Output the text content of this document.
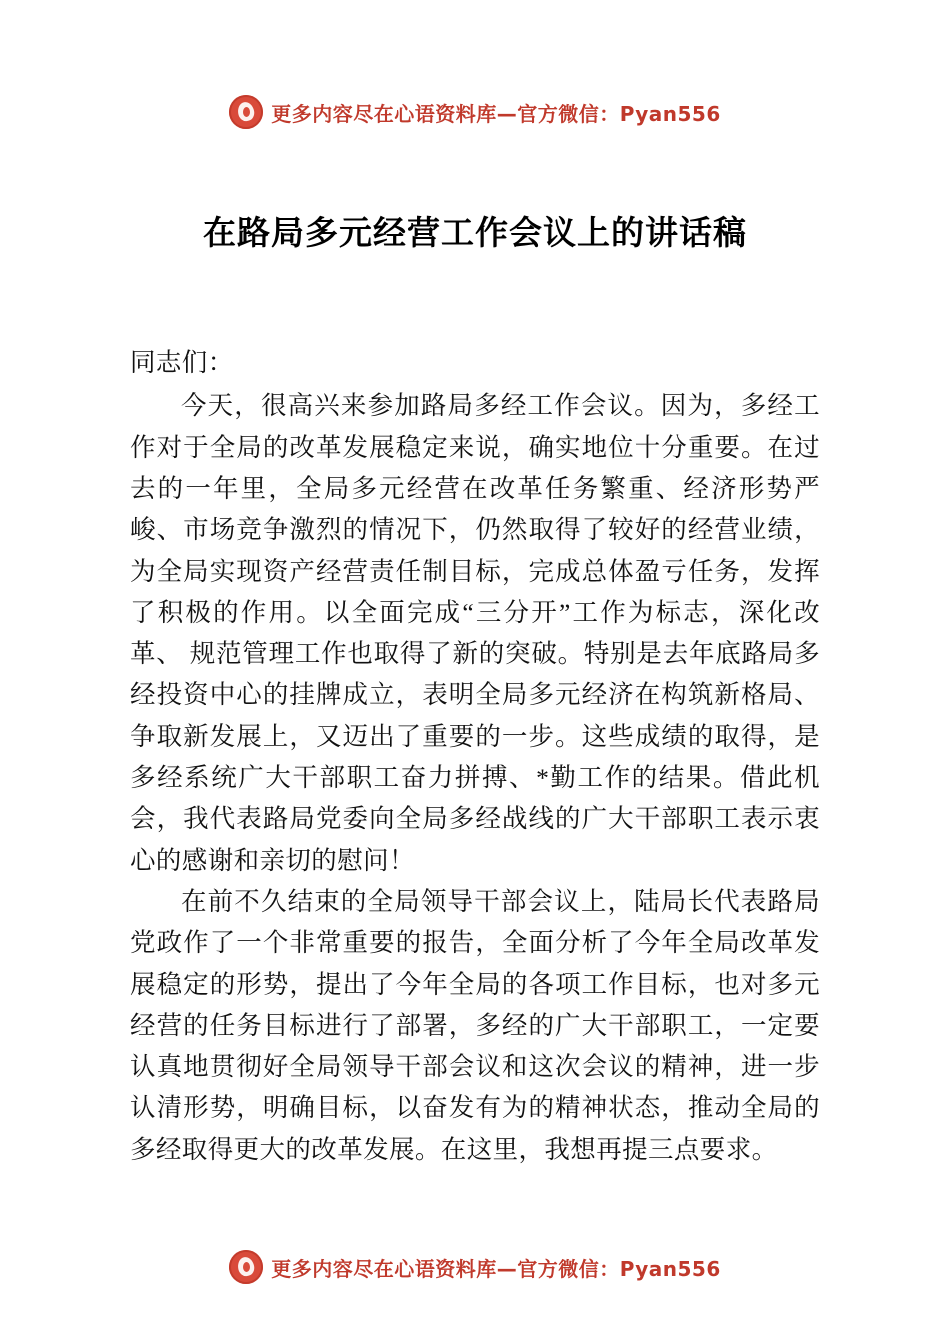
更多内容尽在心语资料库—官方微信：Pyan556
在路局多元经营工作会议上的讲话稿

同志们：

今天，很高兴来参加路局多经工作会议。因为，多经工作对于全局的改革发展稳定来说，确实地位十分重要。在过去的一年里，全局多元经营在改革任务繁重、经济形势严峻、市场竞争激烈的情况下，仍然取得了较好的经营业绩，为全局实现资产经营责任制目标，完成总体盈亏任务，发挥了积极的作用。以全面完成“三分开”工作为标志，深化改革、 规范管理工作也取得了新的突破。特别是去年底路局多经投资中心的挂牌成立，表明全局多元经济在构筑新格局、争取新发展上，又迈出了重要的一步。这些成绩的取得，是多经系统广大干部职工奋力拼搏、*勤工作的结果。借此机会，我代表路局党委向全局多经战线的广大干部职工表示衷心的感谢和亲切的慰问！

在前不久结束的全局领导干部会议上，陆局长代表路局党政作了一个非常重要的报告，全面分析了今年全局改革发展稳定的形势，提出了今年全局的各项工作目标，也对多元经营的任务目标进行了部署，多经的广大干部职工，一定要认真地贯彻好全局领导干部会议和这次会议的精神，进一步认清形势，明确目标，以奋发有为的精神状态，推动全局的多经取得更大的改革发展。在这里，我想再提三点要求。

更多内容尽在心语资料库—官方微信：Pyan556
